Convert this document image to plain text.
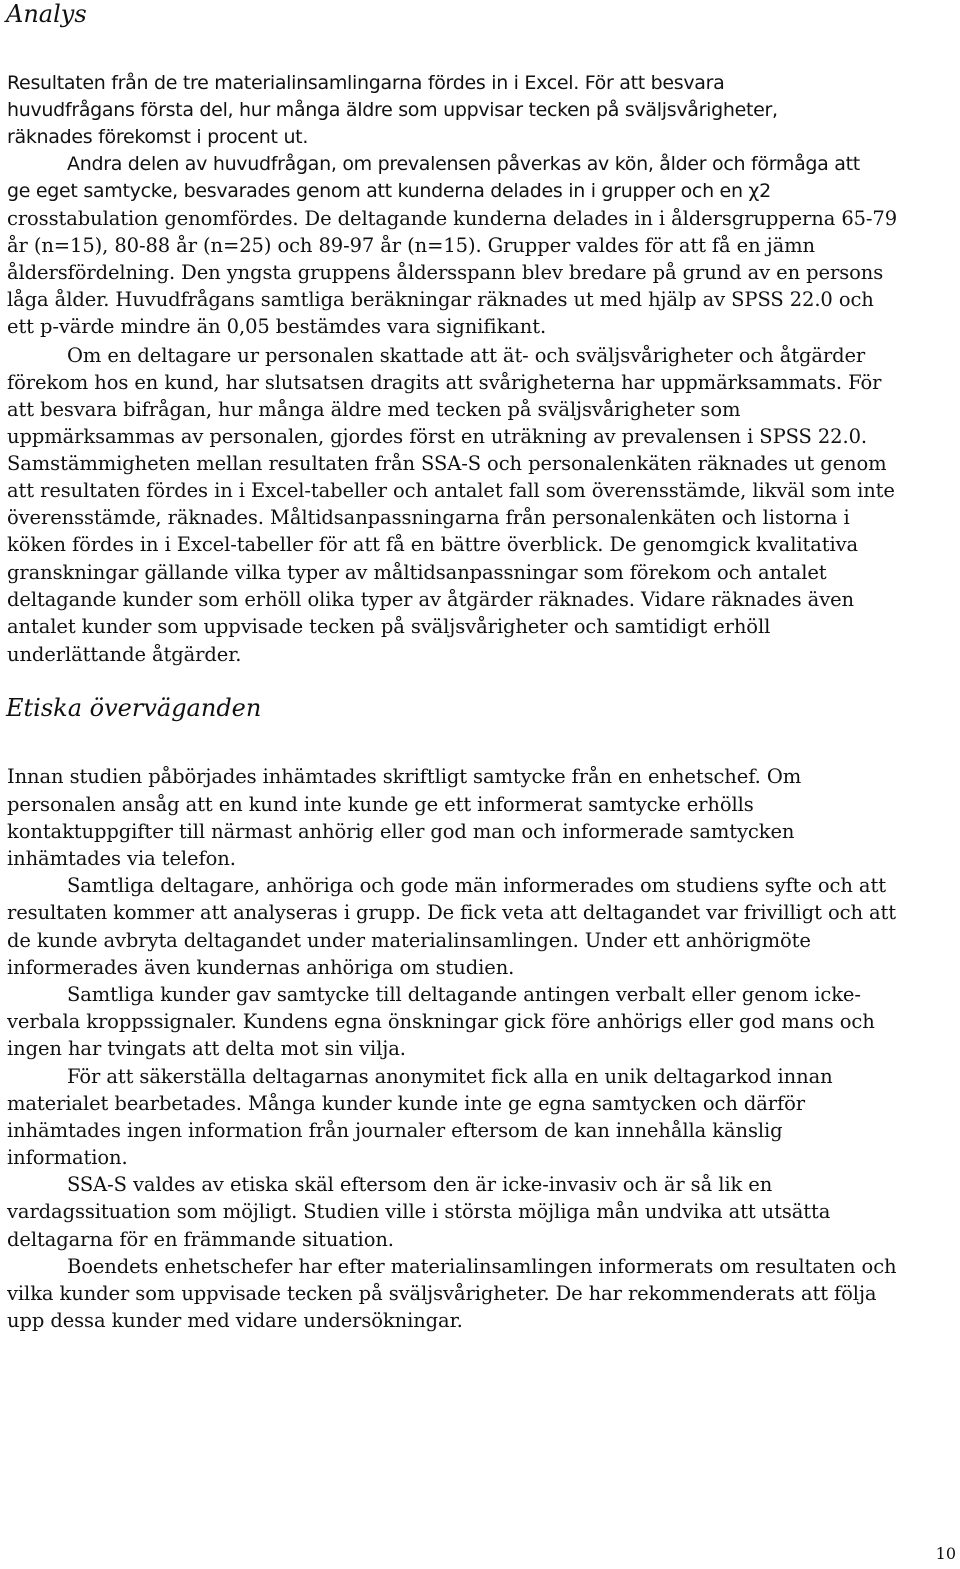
Analys

Resultaten från de tre materialinsamlingarna fördes in i Excel. För att besvara

huvudfrågans första del, hur många äldre som uppvisar tecken på sväljsvårigheter,

räknades förekomst i procent ut.

Andra delen av huvudfrågan, om prevalensen påverkas av kön, ålder och förmåga att

ge eget samtycke, besvarades genom att kunderna delades in i grupper och en χ2

crosstabulation genomfördes. De deltagande kunderna delades in i åldersgrupperna 65-79

år (n=15), 80-88 år (n=25) och 89-97 år (n=15). Grupper valdes för att få en jämn

åldersfördelning. Den yngsta gruppens åldersspann blev bredare på grund av en persons

låga ålder. Huvudfrågans samtliga beräkningar räknades ut med hjälp av SPSS 22.0 och

ett p-värde mindre än 0,05 bestämdes vara signifikant.

Om en deltagare ur personalen skattade att ät- och sväljsvårigheter och åtgärder

förekom hos en kund, har slutsatsen dragits att svårigheterna har uppmärksammats. För

att besvara bifrågan, hur många äldre med tecken på sväljsvårigheter som

uppmärksammas av personalen, gjordes först en uträkning av prevalensen i SPSS 22.0.

Samstämmigheten mellan resultaten från SSA-S och personalenkäten räknades ut genom

att resultaten fördes in i Excel-tabeller och antalet fall som överensstämde, likväl som inte

överensstämde, räknades. Måltidsanpassningarna från personalenkäten och listorna i

köken fördes in i Excel-tabeller för att få en bättre överblick. De genomgick kvalitativa

granskningar gällande vilka typer av måltidsanpassningar som förekom och antalet

deltagande kunder som erhöll olika typer av åtgärder räknades. Vidare räknades även

antalet kunder som uppvisade tecken på sväljsvårigheter och samtidigt erhöll

underlättande åtgärder.

Etiska överväganden

Innan studien påbörjades inhämtades skriftligt samtycke från en enhetschef. Om

personalen ansåg att en kund inte kunde ge ett informerat samtycke erhölls

kontaktuppgifter till närmast anhörig eller god man och informerade samtycken

inhämtades via telefon.

Samtliga deltagare, anhöriga och gode män informerades om studiens syfte och att

resultaten kommer att analyseras i grupp. De fick veta att deltagandet var frivilligt och att

de kunde avbryta deltagandet under materialinsamlingen. Under ett anhörigmöte

informerades även kundernas anhöriga om studien.

Samtliga kunder gav samtycke till deltagande antingen verbalt eller genom icke-

verbala kroppssignaler. Kundens egna önskningar gick före anhörigs eller god mans och

ingen har tvingats att delta mot sin vilja.

För att säkerställa deltagarnas anonymitet fick alla en unik deltagarkod innan

materialet bearbetades. Många kunder kunde inte ge egna samtycken och därför

inhämtades ingen information från journaler eftersom de kan innehålla känslig

information.

SSA-S valdes av etiska skäl eftersom den är icke-invasiv och är så lik en

vardagssituation som möjligt. Studien ville i största möjliga mån undvika att utsätta

deltagarna för en främmande situation.

Boendets enhetschefer har efter materialinsamlingen informerats om resultaten och

vilka kunder som uppvisade tecken på sväljsvårigheter. De har rekommenderats att följa

upp dessa kunder med vidare undersökningar.

10
